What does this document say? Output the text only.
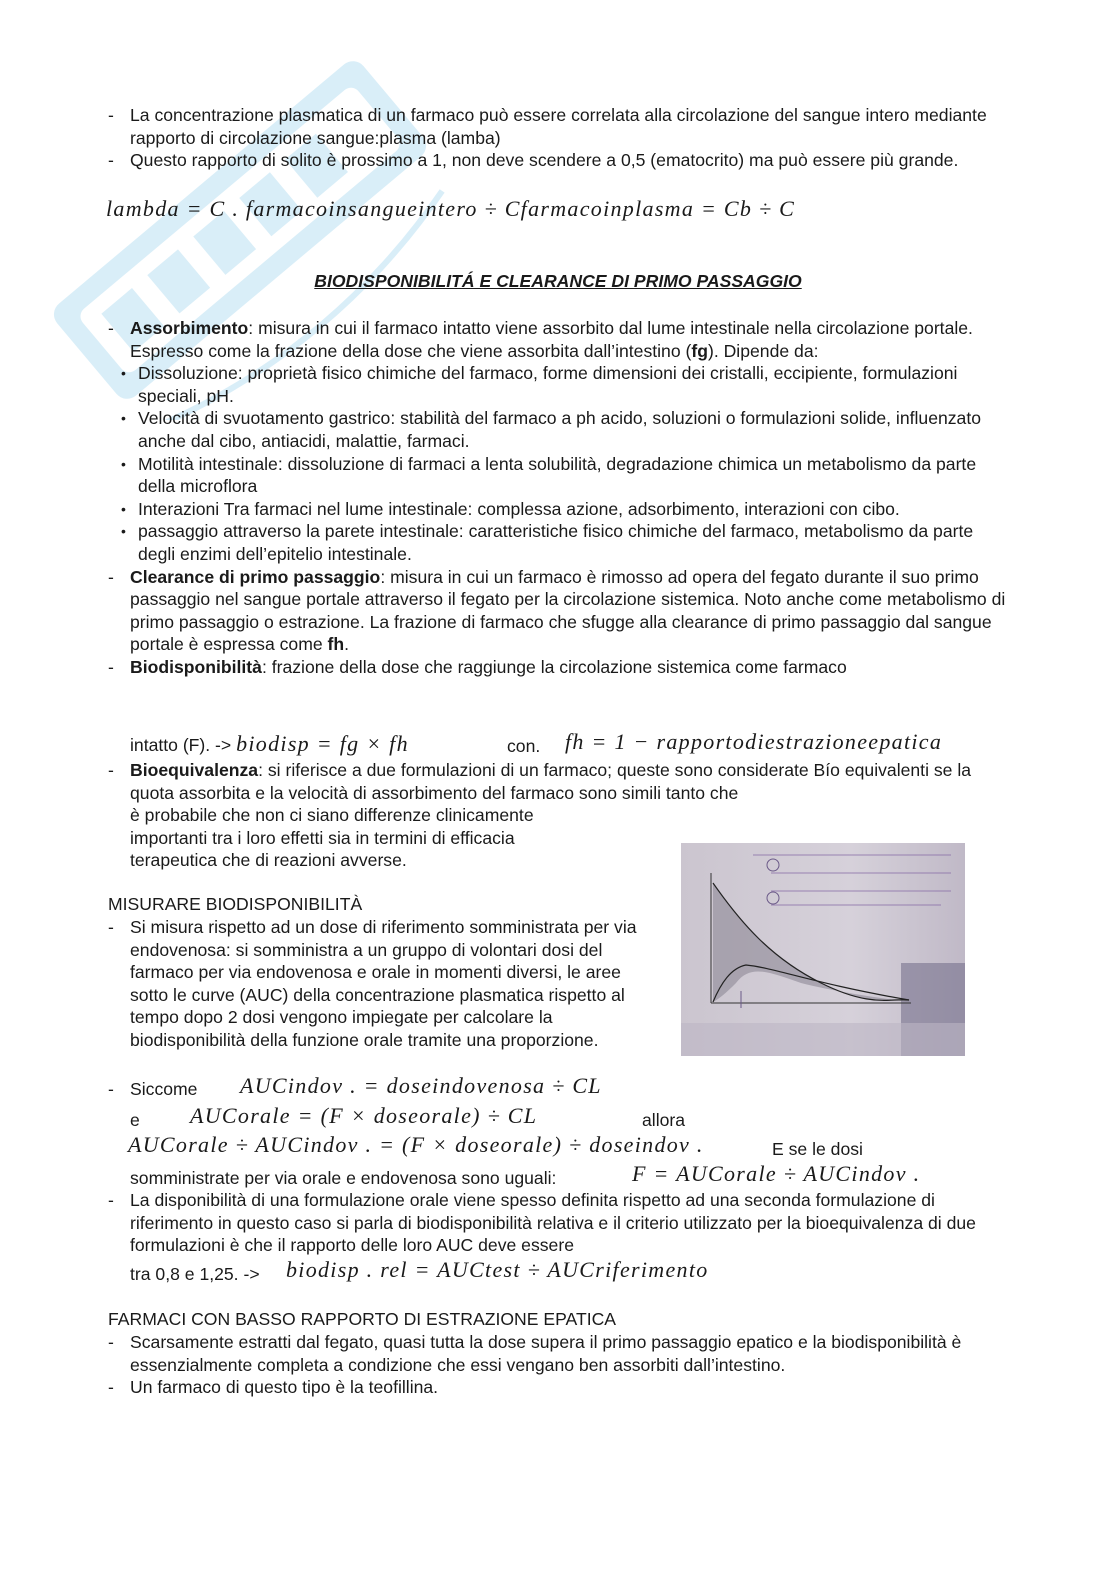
- La concentrazione plasmatica di un farmaco può essere correlata alla circolazione del sangue intero mediante rapporto di circolazione sangue:plasma (lamba)
- Questo rapporto di solito è prossimo a 1, non deve scendere a 0,5 (ematocrito) ma può essere più grande.
lambda = C . farmacoinsangueintero ÷ Cfarmacoinplasma = Cb ÷ C
BIODISPONIBILITÁ E CLEARANCE DI PRIMO PASSAGGIO
- Assorbimento: misura in cui il farmaco intatto viene assorbito dal lume intestinale nella circolazione portale. Espresso come la frazione della dose che viene assorbita dall’intestino (fg). Dipende da:
• Dissoluzione: proprietà fisico chimiche del farmaco, forme dimensioni dei cristalli, eccipiente, formulazioni speciali, pH.
• Velocità di svuotamento gastrico: stabilità del farmaco a ph acido, soluzioni o formulazioni solide, influenzato anche dal cibo, antiacidi, malattie, farmaci.
• Motilità intestinale: dissoluzione di farmaci a lenta solubilità, degradazione chimica un metabolismo da parte della microflora
• Interazioni Tra farmaci nel lume intestinale: complessa azione, adsorbimento, interazioni con cibo.
• passaggio attraverso la parete intestinale: caratteristiche fisico chimiche del farmaco, metabolismo da parte degli enzimi dell’epitelio intestinale.
- Clearance di primo passaggio: misura in cui un farmaco è rimosso ad opera del fegato durante il suo primo passaggio nel sangue portale attraverso il fegato per la circolazione sistemica. Noto anche come metabolismo di primo passaggio o estrazione. La frazione di farmaco che sfugge alla clearance di primo passaggio dal sangue portale è espressa come fh.
- Biodisponibilità: frazione della dose che raggiunge la circolazione sistemica come farmaco
intatto (F). -> biodisp = fg × fh	con. fh = 1 − rapportodiestrazioneepatica
- Bioequivalenza: si riferisce a due formulazioni di un farmaco; queste sono considerate Bío equivalenti se la quota assorbita e la velocità di assorbimento del farmaco sono simili tanto che
è probabile che non ci siano differenze clinicamente
importanti tra i loro effetti sia in termini di efficacia
terapeutica che di reazioni avverse.
MISURARE BIODISPONIBILITÀ
- Si misura rispetto ad un dose di riferimento somministrata per via endovenosa: si somministra a un gruppo di volontari dosi del farmaco per via endovenosa e orale in momenti diversi, le aree sotto le curve (AUC) della concentrazione plasmatica rispetto al tempo dopo 2 dosi vengono impiegate per calcolare la biodisponibilità della funzione orale tramite una proporzione.
- Siccome AUCindov . = doseindovenosa ÷ CL
e AUCorale = (F × doseorale) ÷ CL	allora
AUCorale ÷ AUCindov . = (F × doseorale) ÷ doseindov .	E se le dosi
somministrate per via orale e endovenosa sono uguali:	F = AUCorale ÷ AUCindov .
- La disponibilità di una formulazione orale viene spesso definita rispetto ad una seconda formulazione di riferimento in questo caso si parla di biodisponibilità relativa e il criterio utilizzato per la bioequivalenza di due formulazioni è che il rapporto delle loro AUC deve essere
tra 0,8 e 1,25. -> biodisp . rel = AUCtest ÷ AUCriferimento
FARMACI CON BASSO RAPPORTO DI ESTRAZIONE EPATICA
- Scarsamente estratti dal fegato, quasi tutta la dose supera il primo passaggio epatico e la biodisponibilità è essenzialmente completa a condizione che essi vengano ben assorbiti dall’intestino.
- Un farmaco di questo tipo è la teofillina.
